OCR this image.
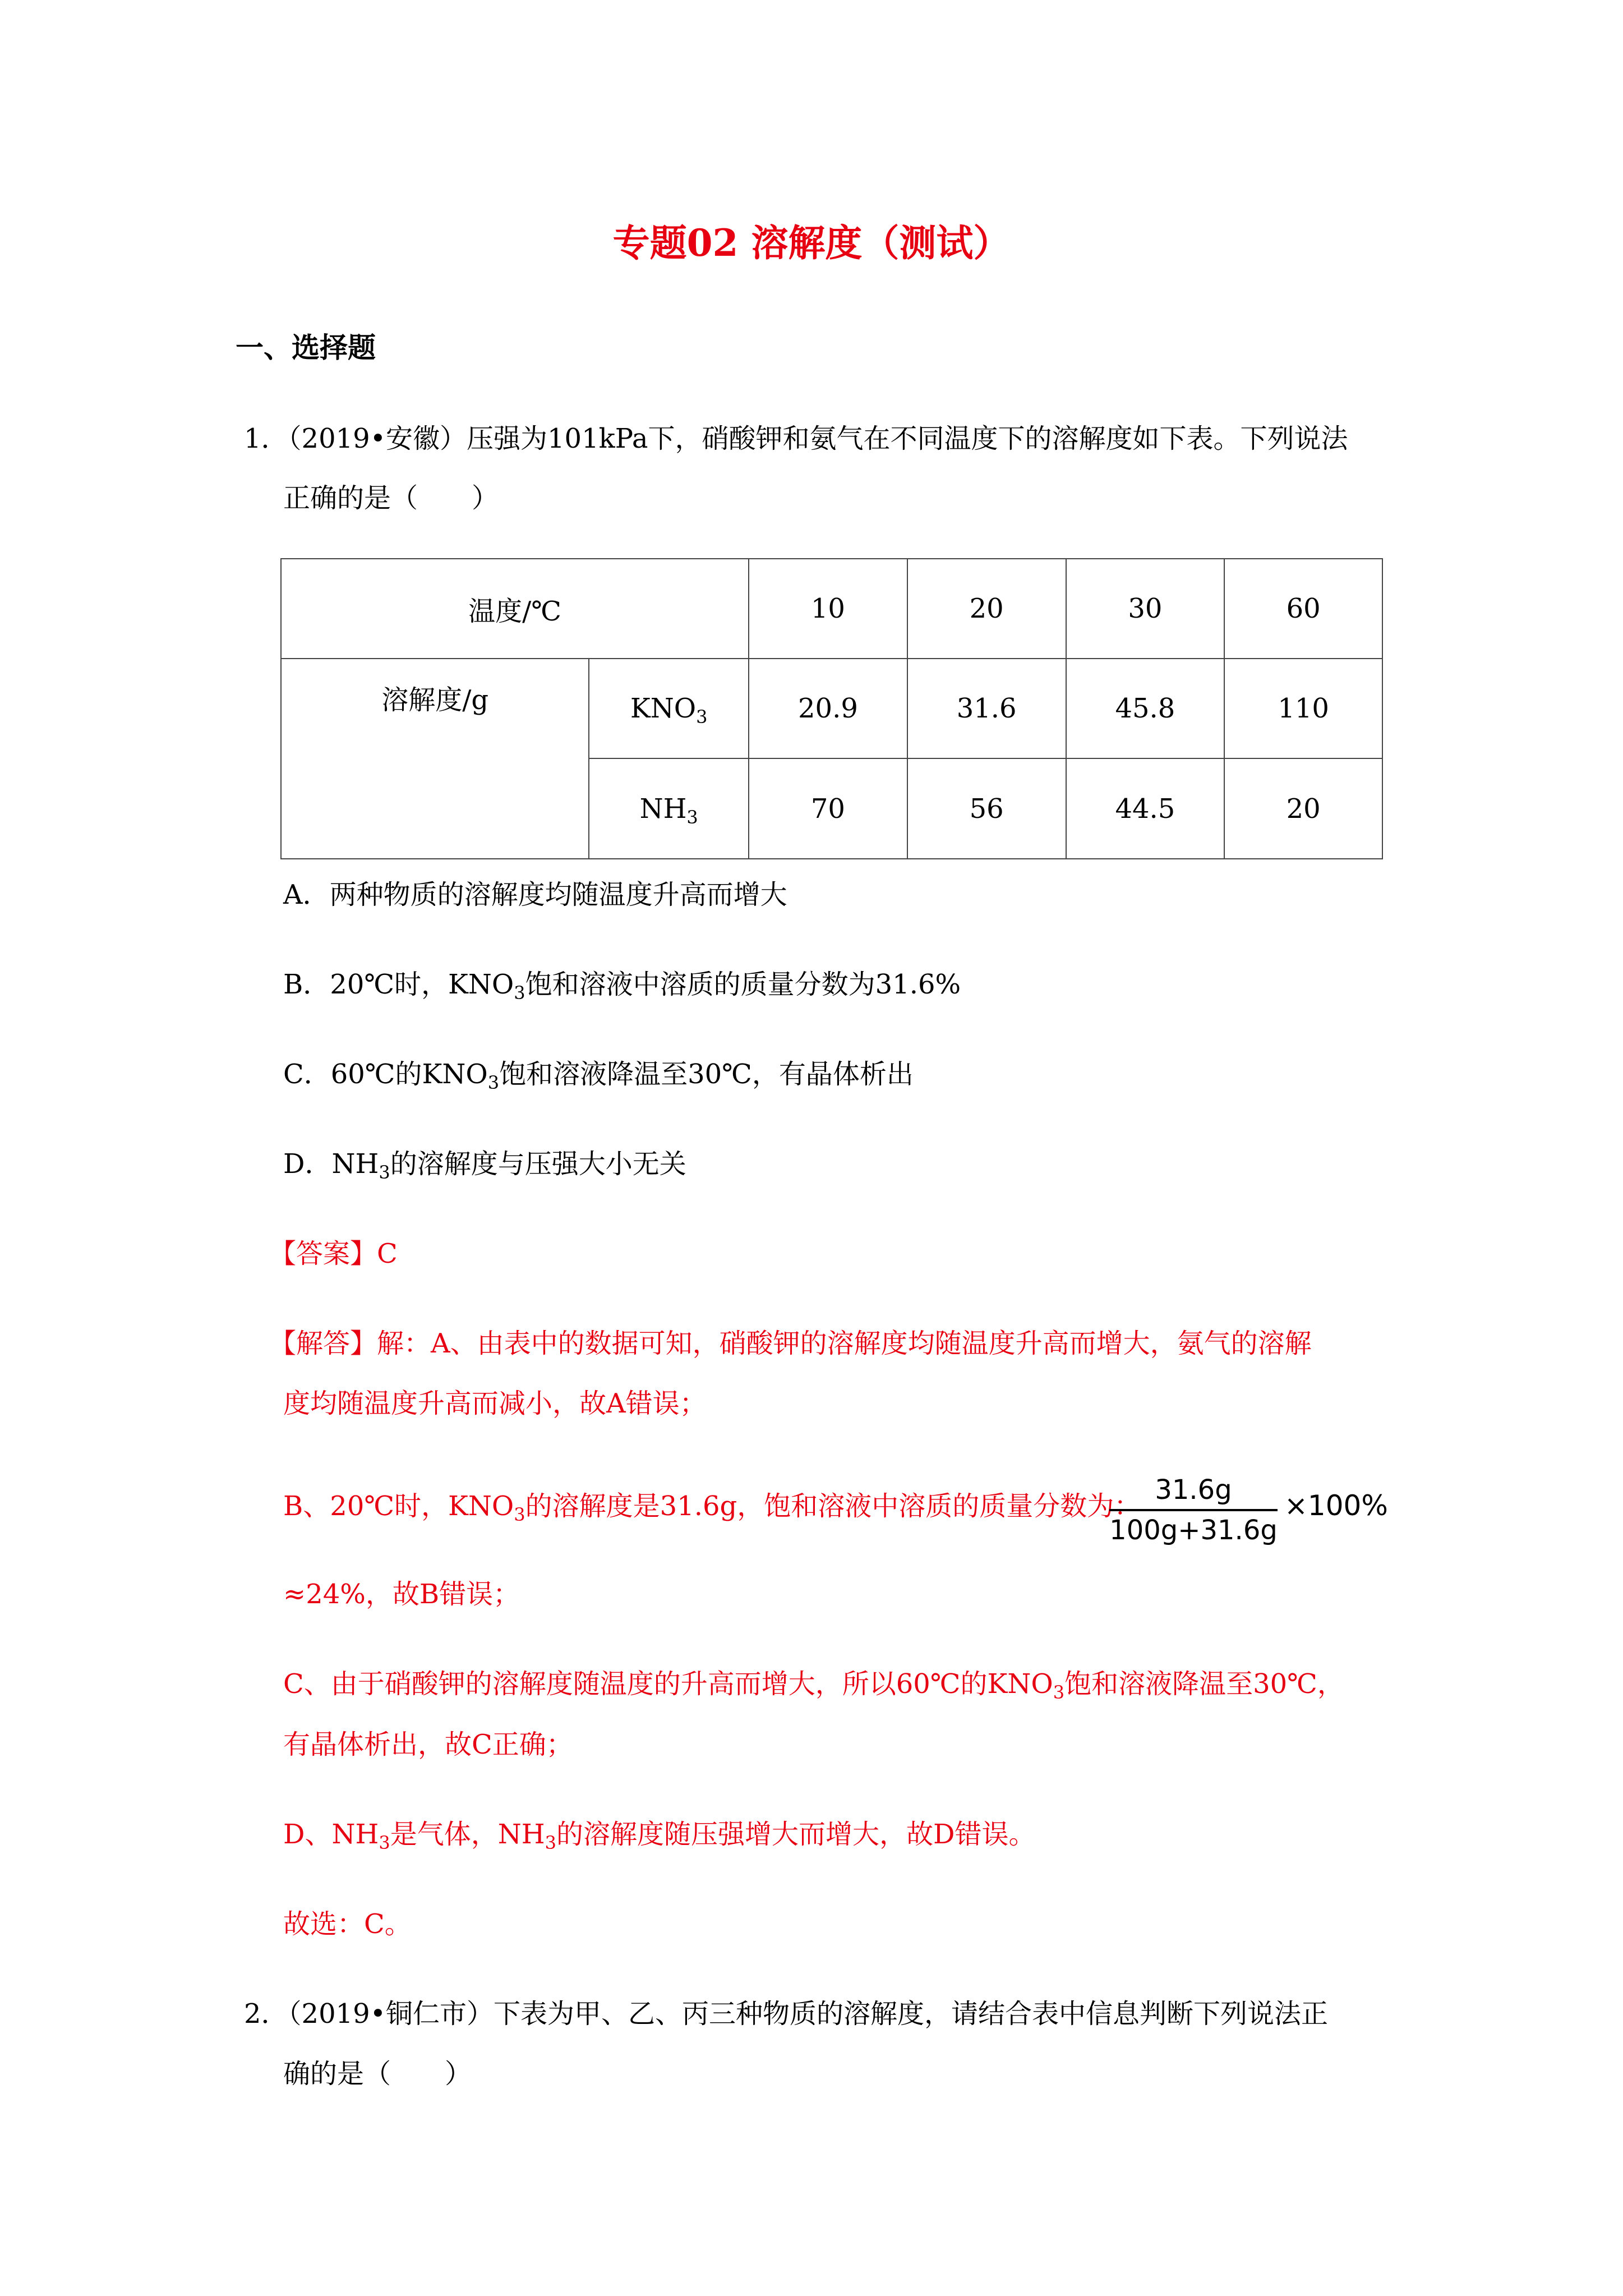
专题02 溶解度（测试）
一、选择题
1．（2019•安徽）压强为101kPa下，硝酸钾和氨气在不同温度下的溶解度如下表。下列说法
正确的是（　　）
温度/℃		10	20	30	60
溶解度/g	$KNO_3$	20.9	31.6	45.8	110
	$NH_3$	70	56	44.5	20
A．两种物质的溶解度均随温度升高而增大
B．20℃时，$KNO_3$饱和溶液中溶质的质量分数为31.6%
C．60℃的$KNO_3$饱和溶液降温至30℃，有晶体析出
D．$NH_3$的溶解度与压强大小无关
【答案】C
【解答】解：A、由表中的数据可知，硝酸钾的溶解度均随温度升高而增大，氨气的溶解
度均随温度升高而减小，故A错误；
B、20℃时，$KNO_3$的溶解度是31.6g，饱和溶液中溶质的质量分数为：
31.6g
100g+31.6g
×100%
≈24%，故B错误；
C、由于硝酸钾的溶解度随温度的升高而增大，所以60℃的$KNO_3$饱和溶液降温至30℃，
有晶体析出，故C正确；
D、$NH_3$是气体，$NH_3$的溶解度随压强增大而增大，故D错误。
故选：C。
2．（2019•铜仁市）下表为甲、乙、丙三种物质的溶解度，请结合表中信息判断下列说法正
确的是（　　）
